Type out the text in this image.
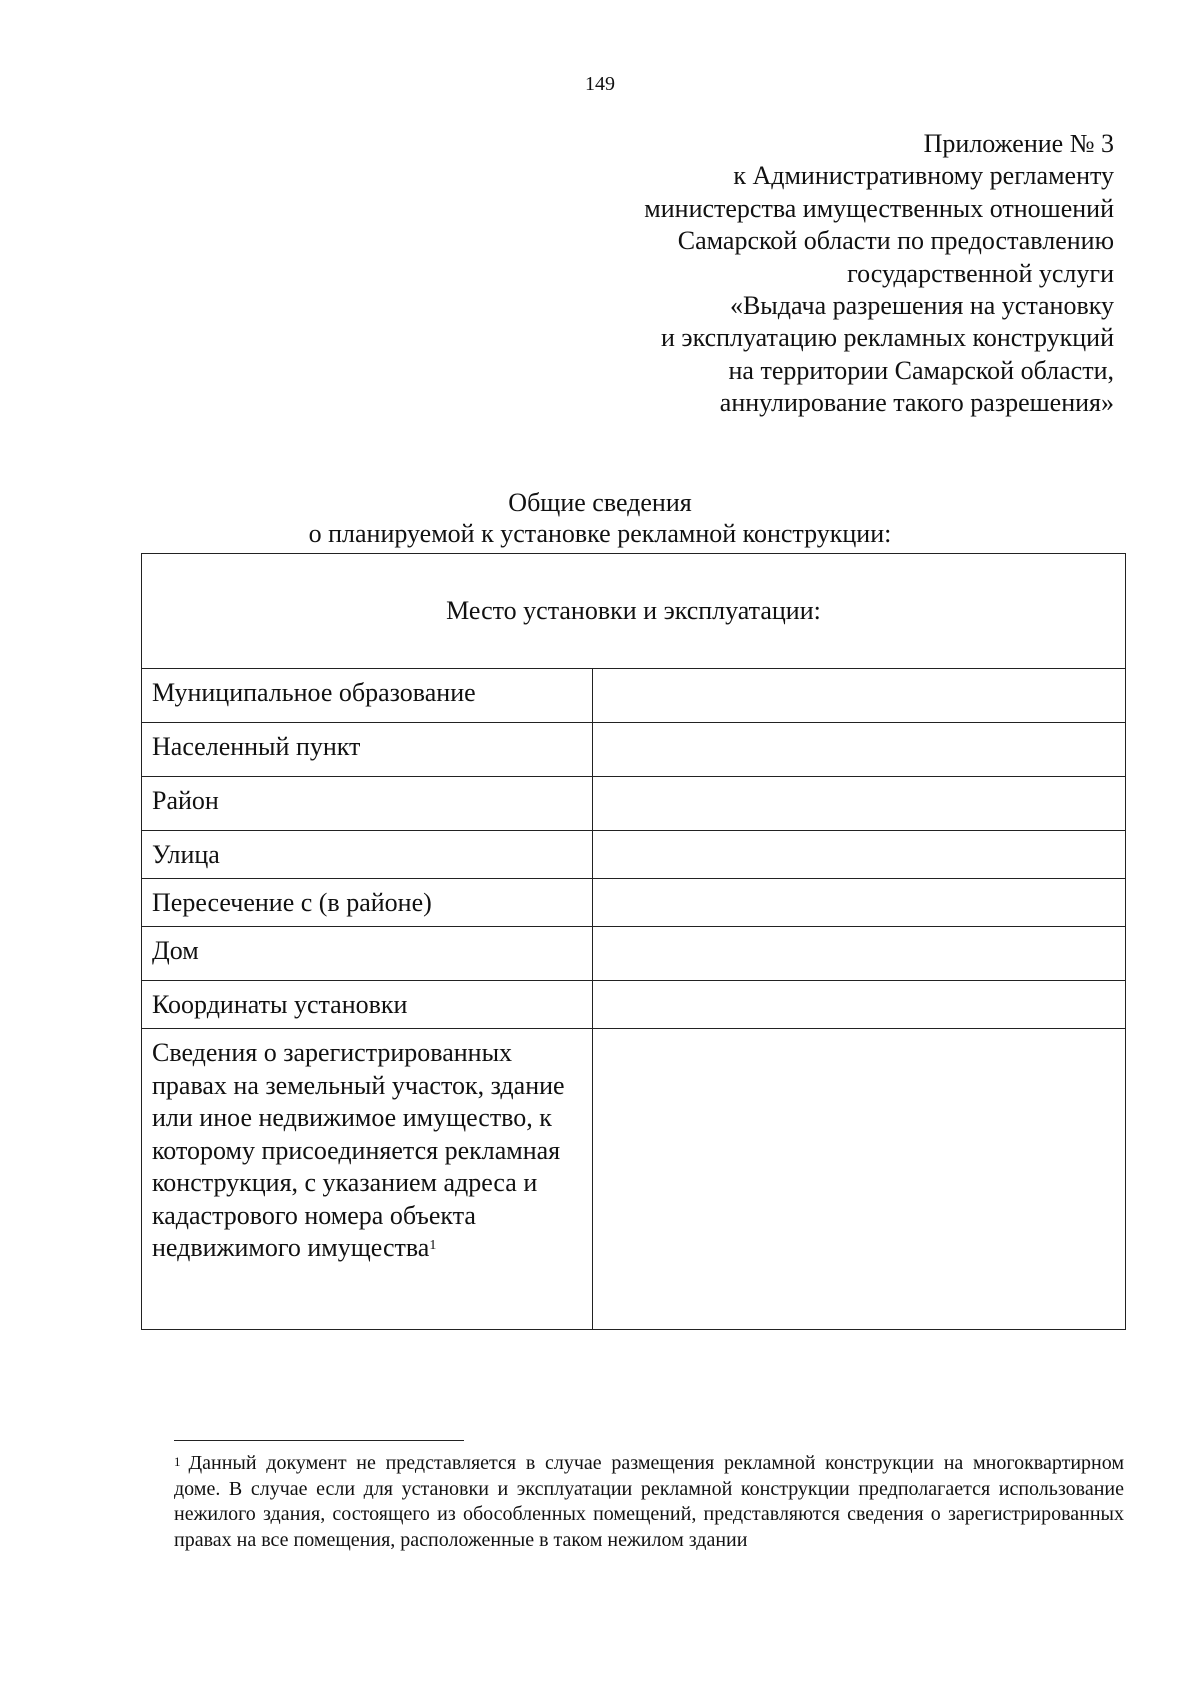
149
Приложение № 3
к Административному регламенту
министерства имущественных отношений
Самарской области по предоставлению
государственной услуги
«Выдача разрешения на установку
и эксплуатацию рекламных конструкций
на территории Самарской области,
аннулирование такого разрешения»
Общие сведения
о планируемой к установке рекламной конструкции:
Место установки и эксплуатации:	
Муниципальное образование	
Населенный пункт	
Район	
Улица	
Пересечение с (в районе)	
Дом	
Координаты установки	
Сведения о зарегистрированных правах на земельный участок, здание или иное недвижимое имущество, к которому присоединяется рекламная конструкция, с указанием адреса и кадастрового номера объекта недвижимого имущества$^1$	
$^1$ Данный документ не представляется в случае размещения рекламной конструкции на многоквартирном доме. В случае если для установки и эксплуатации рекламной конструкции предполагается использование нежилого здания, состоящего из обособленных помещений, представляются сведения о зарегистрированных правах на все помещения, расположенные в таком нежилом здании
